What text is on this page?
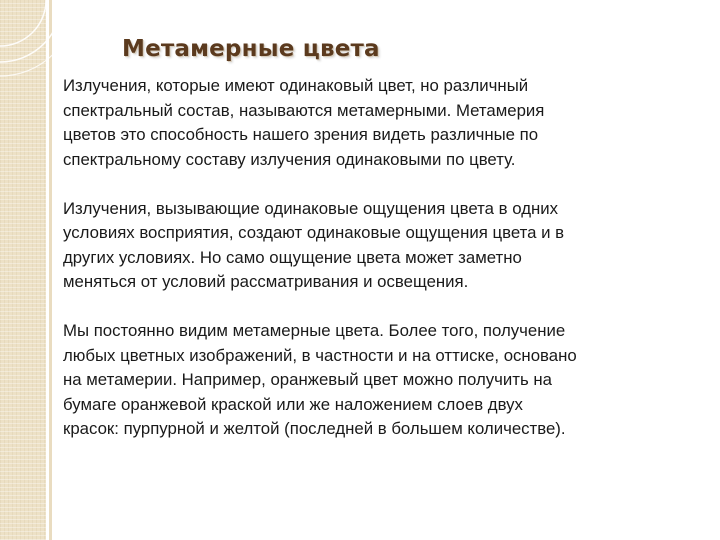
Метамерные цвета

Излучения, которые имеют одинаковый цвет, но различный
спектральный состав, называются метамерными. Метамерия
цветов это способность нашего зрения видеть различные по
спектральному составу излучения одинаковыми по цвету.

Излучения, вызывающие одинаковые ощущения цвета в одних
условиях восприятия, создают одинаковые ощущения цвета и в
других условиях. Но само ощущение цвета может заметно
меняться от условий рассматривания и освещения.

Мы постоянно видим метамерные цвета. Более того, получение
любых цветных изображений, в частности и на оттиске, основано
на метамерии. Например, оранжевый цвет можно получить на
бумаге оранжевой краской или же наложением слоев двух
красок: пурпурной и желтой (последней в большем количестве).
